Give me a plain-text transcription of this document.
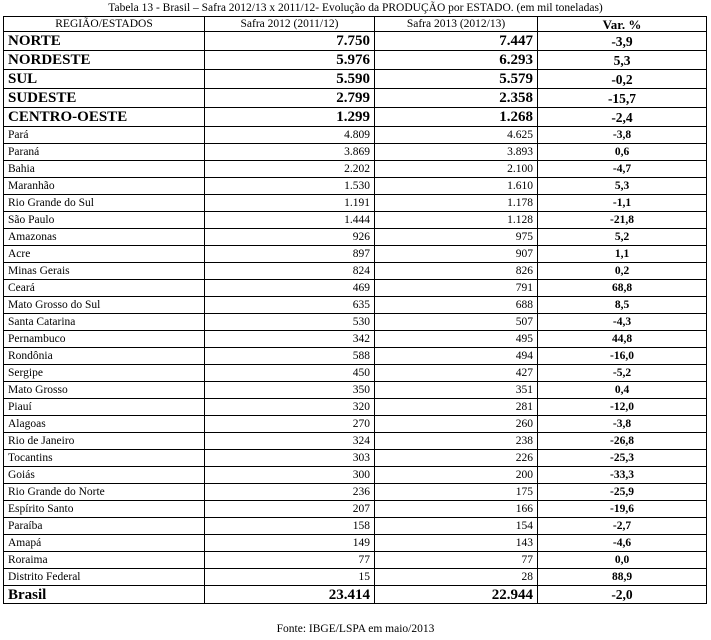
Tabela 13 - Brasil – Safra 2012/13 x 2011/12- Evolução da PRODUÇÃO por ESTADO. (em mil toneladas)
REGIÃO/ESTADOS	Safra 2012 (2011/12)	Safra 2013 (2012/13)	Var. %
NORTE	7.750	7.447	-3,9
NORDESTE	5.976	6.293	5,3
SUL	5.590	5.579	-0,2
SUDESTE	2.799	2.358	-15,7
CENTRO-OESTE	1.299	1.268	-2,4
Pará	4.809	4.625	-3,8
Paraná	3.869	3.893	0,6
Bahia	2.202	2.100	-4,7
Maranhão	1.530	1.610	5,3
Rio Grande do Sul	1.191	1.178	-1,1
São Paulo	1.444	1.128	-21,8
Amazonas	926	975	5,2
Acre	897	907	1,1
Minas Gerais	824	826	0,2
Ceará	469	791	68,8
Mato Grosso do Sul	635	688	8,5
Santa Catarina	530	507	-4,3
Pernambuco	342	495	44,8
Rondônia	588	494	-16,0
Sergipe	450	427	-5,2
Mato Grosso	350	351	0,4
Piauí	320	281	-12,0
Alagoas	270	260	-3,8
Rio de Janeiro	324	238	-26,8
Tocantins	303	226	-25,3
Goiás	300	200	-33,3
Rio Grande do Norte	236	175	-25,9
Espírito Santo	207	166	-19,6
Paraíba	158	154	-2,7
Amapá	149	143	-4,6
Roraima	77	77	0,0
Distrito Federal	15	28	88,9
Brasil	23.414	22.944	-2,0
Fonte: IBGE/LSPA em maio/2013
